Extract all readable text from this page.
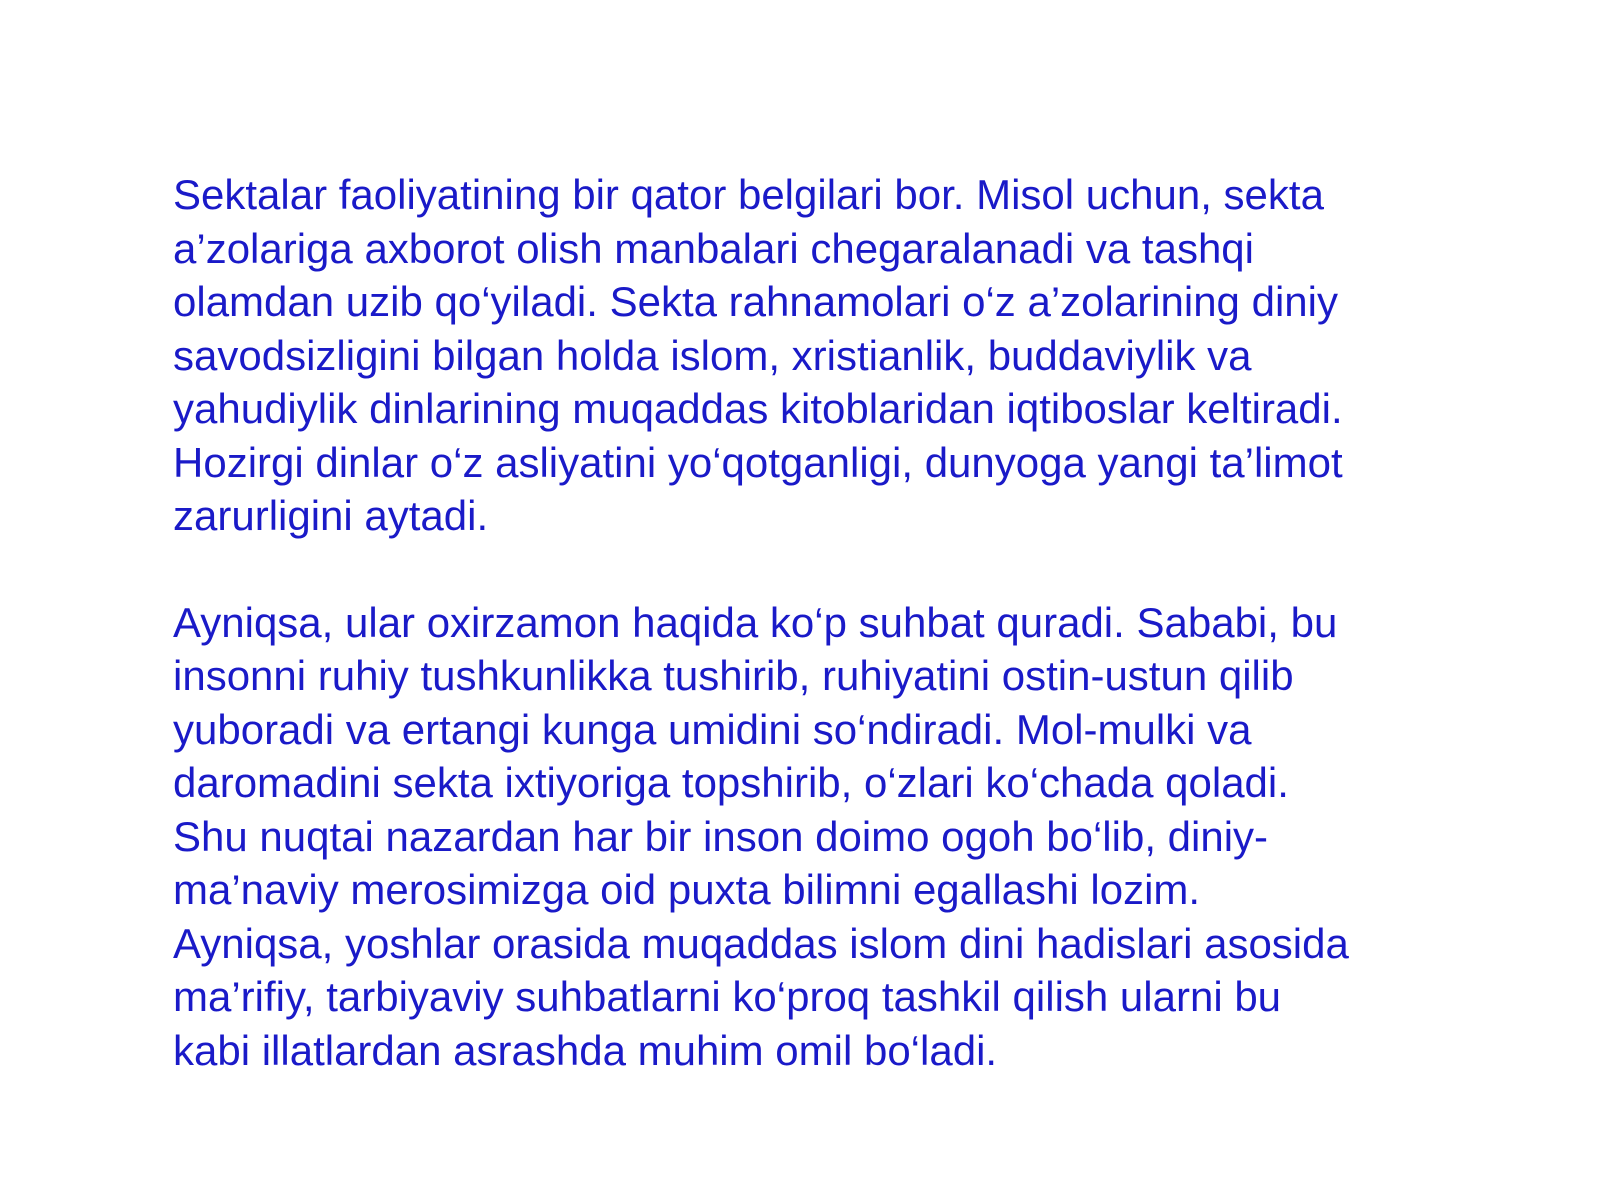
Sektalar faoliyatining bir qator belgilari bor. Misol uchun, sekta
a’zolariga axborot olish manbalari chegaralanadi va tashqi
olamdan uzib qo‘yiladi. Sekta rahnamolari o‘z a’zolarining diniy
savodsizligini bilgan holda islom, xristianlik, buddaviylik va
yahudiylik dinlarining muqaddas kitoblaridan iqtiboslar keltiradi.
Hozirgi dinlar o‘z asliyatini yo‘qotganligi, dunyoga yangi ta’limot
zarurligini aytadi.

Ayniqsa, ular oxirzamon haqida ko‘p suhbat quradi. Sababi, bu
insonni ruhiy tushkunlikka tushirib, ruhiyatini ostin-ustun qilib
yuboradi va ertangi kunga umidini so‘ndiradi. Mol-mulki va
daromadini sekta ixtiyoriga topshirib, o‘zlari ko‘chada qoladi.
Shu nuqtai nazardan har bir inson doimo ogoh bo‘lib, diniy-
ma’naviy merosimizga oid puxta bilimni egallashi lozim.
Ayniqsa, yoshlar orasida muqaddas islom dini hadislari asosida
ma’rifiy, tarbiyaviy suhbatlarni ko‘proq tashkil qilish ularni bu
kabi illatlardan asrashda muhim omil bo‘ladi.
